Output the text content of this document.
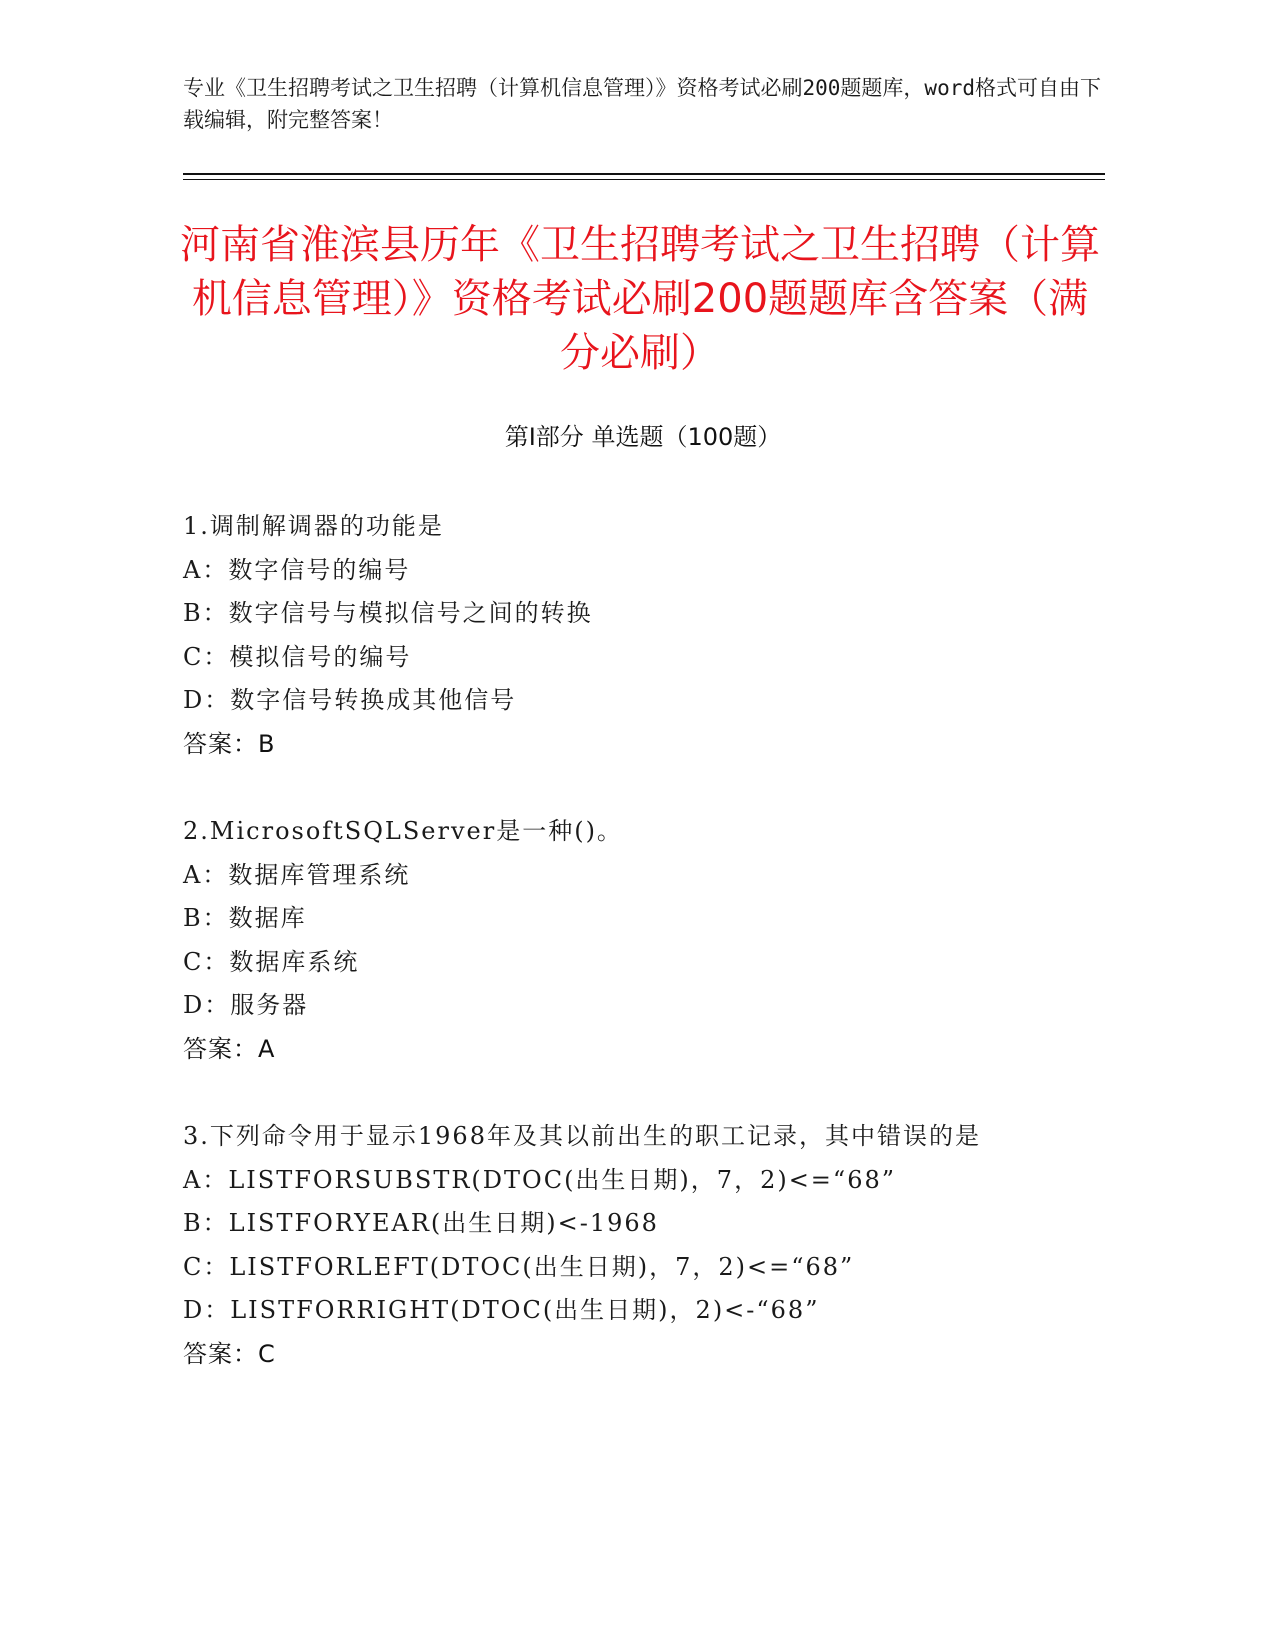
专业《卫生招聘考试之卫生招聘（计算机信息管理）》资格考试必刷200题题库，word格式可自由下载编辑，附完整答案！
河南省淮滨县历年《卫生招聘考试之卫生招聘（计算机信息管理）》资格考试必刷200题题库含答案（满分必刷）
第Ⅰ部分 单选题（100题）
1.调制解调器的功能是
A：数字信号的编号
B：数字信号与模拟信号之间的转换
C：模拟信号的编号
D：数字信号转换成其他信号
答案：B
2.MicrosoftSQLServer是一种()。
A：数据库管理系统
B：数据库
C：数据库系统
D：服务器
答案：A
3.下列命令用于显示1968年及其以前出生的职工记录，其中错误的是
A：LISTFORSUBSTR(DTOC(出生日期)，7，2)<=“68”
B：LISTFORYEAR(出生日期)<-1968
C：LISTFORLEFT(DTOC(出生日期)，7，2)<=“68”
D：LISTFORRIGHT(DTOC(出生日期)，2)<-“68”
答案：C
